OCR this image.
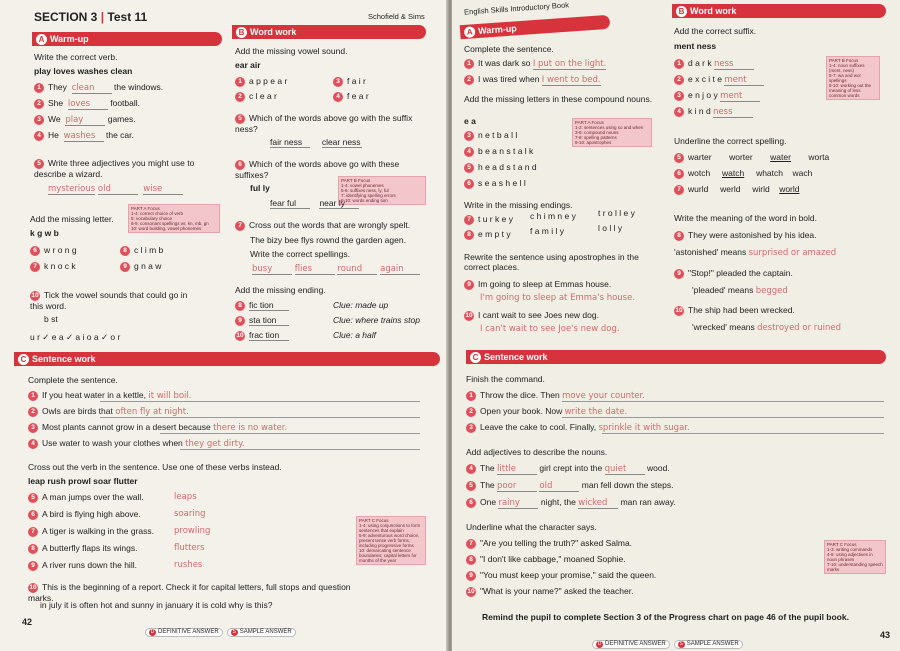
SECTION 3 | Test 11	Schofield & Sims
A Warm-up
Write the correct verb.
play loves washes clean
1 They clean the windows.
2 She loves football.
3 We play	games.
4 He washes the car.
5 Write three adjectives you might use to describe a wizard.
mysterious old	wise
Add the missing letter.
PART A Focus
1-4: correct choice of verb
5: vocabulary choice
6-9: consonant spellings wr, kn, mb, gn
10: word building, vowel phonemes
k g w b
6 w r o n g
7 k n o c k
8 c l i m b
9 g n a w
10 Tick the vowel sounds that could go in this word.
b st
u r ✓ e a ✓ a i o a ✓ o r
B Word work
Add the missing vowel sound.
ear air
1 a p p e a r
2 c l e a r
3 f a i r
4 f e a r
5 Which of the words above go with the suffix ness?
fair ness clear ness
6 Which of the words above go with these suffixes?
ful ly
PART B Focus
1-4: vowel phonemes
5-6: suffixes ness, ly, ful
7: identifying spelling errors
8-10: words ending tion
fear ful	near ly
7 Cross out the words that are wrongly spelt.
The bizy bee flys rownd the garden agen.
Write the correct spellings.
busy	flies	round again
Add the missing ending.
8 fic tion	Clue: made up
9 sta tion	Clue: where trains stop
10 frac tion	Clue: a half
C Sentence work
Complete the sentence.
1 If you heat water in a kettle, it will boil.
2 Owls are birds that often fly at night.
3 Most plants cannot grow in a desert because there is no water.
4 Use water to wash your clothes when they get dirty.
Cross out the verb in the sentence. Use one of these verbs instead.
leap rush prowl soar flutter
5 A man jumps over the wall.	leaps
6 A bird is flying high above.	soaring
7 A tiger is walking in the grass. prowling
8 A butterfly flaps its wings.	flutters
9 A river runs down the hill.	rushes
PART C Focus
1-4: using conjunctions to form sentences that explain
5-9: adventurous word choice, present tense verb forms, including progressive forms
10: demarcating sentence boundaries; capital letters for months of the year
10 This is the beginning of a report. Check it for capital letters, full stops and question marks.
in july it is often hot and sunny in january it is cold why is this?
42
D DEFINITIVE ANSWER	S SAMPLE ANSWER
English Skills Introductory Book
A Warm-up
Complete the sentence.
1 It was dark so I put on the light.
2 I was tired when I went to bed.
Add the missing letters in these compound nouns.
e a	PART A Focus
1-2: sentences using so and when
3-6: compound nouns
7-8: spelling patterns
9-10: apostrophes
3 n e t b a l l
4 b e a n s t a l k
5 h e a d s t a n d
6 s e a s h e l l
Write in the missing endings.
7 t u r k e y
8 e m p t y
c h i m n e y
f a m i l y
t r o l l e y
l o l l y
Rewrite the sentence using apostrophes in the correct places.
9 Im going to sleep at Emmas house.
I'm going to sleep at Emma's house.
10 I cant wait to see Joes new dog.
I can't wait to see Joe's new dog.
B Word work
Add the correct suffix.
ment ness
1 d a r k ness
2 e x c i t e ment
3 e n j o y ment
4 k i n d ness
PART B Focus
1-4: noun suffixes (ment, ness)
5-7: wa and wor spellings
8-10: working out the meaning of less common words
Underline the correct spelling.
5 warter worter water worta
6 wotch watch whatch wach
7 wurld werld wirld world
Write the meaning of the word in bold.
8 They were astonished by his idea.
'astonished' means surprised or amazed
9 "Stop!" pleaded the captain.
'pleaded' means begged
10 The ship had been wrecked.
'wrecked' means destroyed or ruined
C Sentence work
Finish the command.
1 Throw the dice. Then move your counter.
2 Open your book. Now write the date.
3 Leave the cake to cool. Finally, sprinkle it with sugar.
Add adjectives to describe the nouns.
4 The little	girl crept into the quiet wood.
5 The poor	old	man fell down the steps.
6 One rainy night, the wicked man ran away.
Underline what the character says.
7 "Are you telling the truth?" asked Salma.
8 "I don't like cabbage," moaned Sophie.
9 "You must keep your promise," said the queen.
10 "What is your name?" asked the teacher.
PART C Focus
1-3: writing commands
4-6: using adjectives in noun phrases
7-10: understanding speech marks
Remind the pupil to complete Section 3 of the Progress chart on page 46 of the pupil book.
D DEFINITIVE ANSWER	S SAMPLE ANSWER
43
